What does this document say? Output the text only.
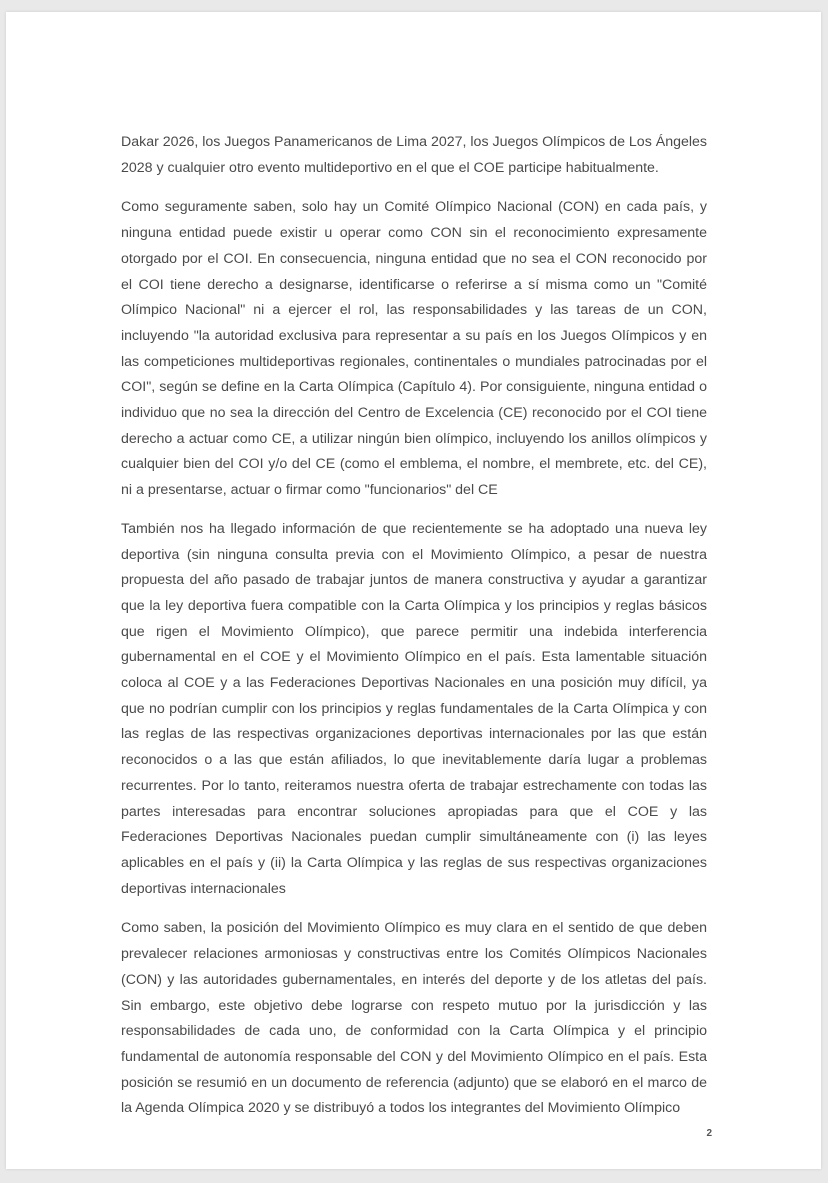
Dakar 2026, los Juegos Panamericanos de Lima 2027, los Juegos Olímpicos de Los Ángeles 2028 y cualquier otro evento multideportivo en el que el COE participe habitualmente.

Como seguramente saben, solo hay un Comité Olímpico Nacional (CON) en cada país, y ninguna entidad puede existir u operar como CON sin el reconocimiento expresamente otorgado por el COI. En consecuencia, ninguna entidad que no sea el CON reconocido por el COI tiene derecho a designarse, identificarse o referirse a sí misma como un "Comité Olímpico Nacional" ni a ejercer el rol, las responsabilidades y las tareas de un CON, incluyendo "la autoridad exclusiva para representar a su país en los Juegos Olímpicos y en las competiciones multideportivas regionales, continentales o mundiales patrocinadas por el COI", según se define en la Carta Olímpica (Capítulo 4). Por consiguiente, ninguna entidad o individuo que no sea la dirección del Centro de Excelencia (CE) reconocido por el COI tiene derecho a actuar como CE, a utilizar ningún bien olímpico, incluyendo los anillos olímpicos y cualquier bien del COI y/o del CE (como el emblema, el nombre, el membrete, etc. del CE), ni a presentarse, actuar o firmar como "funcionarios" del CE

También nos ha llegado información de que recientemente se ha adoptado una nueva ley deportiva (sin ninguna consulta previa con el Movimiento Olímpico, a pesar de nuestra propuesta del año pasado de trabajar juntos de manera constructiva y ayudar a garantizar que la ley deportiva fuera compatible con la Carta Olímpica y los principios y reglas básicos que rigen el Movimiento Olímpico), que parece permitir una indebida interferencia gubernamental en el COE y el Movimiento Olímpico en el país. Esta lamentable situación coloca al COE y a las Federaciones Deportivas Nacionales en una posición muy difícil, ya que no podrían cumplir con los principios y reglas fundamentales de la Carta Olímpica y con las reglas de las respectivas organizaciones deportivas internacionales por las que están reconocidos o a las que están afiliados, lo que inevitablemente daría lugar a problemas recurrentes. Por lo tanto, reiteramos nuestra oferta de trabajar estrechamente con todas las partes interesadas para encontrar soluciones apropiadas para que el COE y las Federaciones Deportivas Nacionales puedan cumplir simultáneamente con (i) las leyes aplicables en el país y (ii) la Carta Olímpica y las reglas de sus respectivas organizaciones deportivas internacionales

Como saben, la posición del Movimiento Olímpico es muy clara en el sentido de que deben prevalecer relaciones armoniosas y constructivas entre los Comités Olímpicos Nacionales (CON) y las autoridades gubernamentales, en interés del deporte y de los atletas del país. Sin embargo, este objetivo debe lograrse con respeto mutuo por la jurisdicción y las responsabilidades de cada uno, de conformidad con la Carta Olímpica y el principio fundamental de autonomía responsable del CON y del Movimiento Olímpico en el país. Esta posición se resumió en un documento de referencia (adjunto) que se elaboró en el marco de la Agenda Olímpica 2020 y se distribuyó a todos los integrantes del Movimiento Olímpico

2
